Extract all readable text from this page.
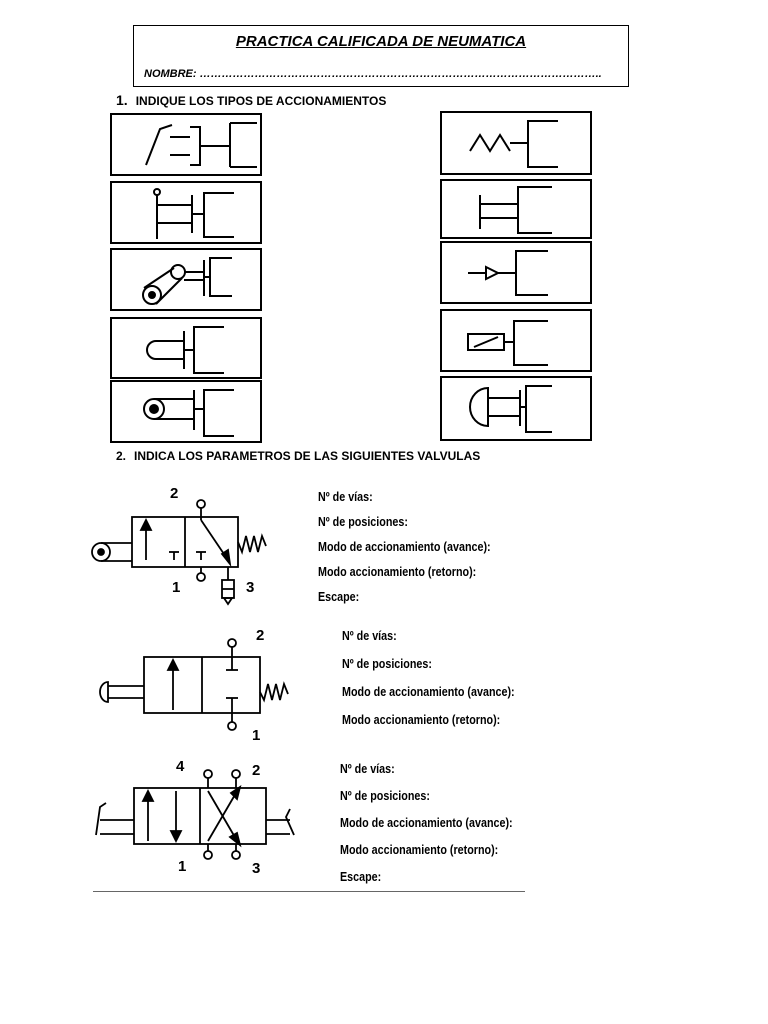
PRACTICA CALIFICADA DE NEUMATICA
NOMBRE: ………………………………………………………………………………………………..
1. INDIQUE LOS TIPOS DE ACCIONAMIENTOS
2. INDICA LOS PARAMETROS DE LAS SIGUIENTES VALVULAS
2
1	3
Nº de vías:
Nº de posiciones:
Modo de accionamiento (avance):
Modo accionamiento (retorno):
Escape:
2
1
Nº de vías:
Nº de posiciones:
Modo de accionamiento (avance):
Modo accionamiento (retorno):
4	2
1	3
Nº de vías:
Nº de posiciones:
Modo de accionamiento (avance):
Modo accionamiento (retorno):
Escape:
